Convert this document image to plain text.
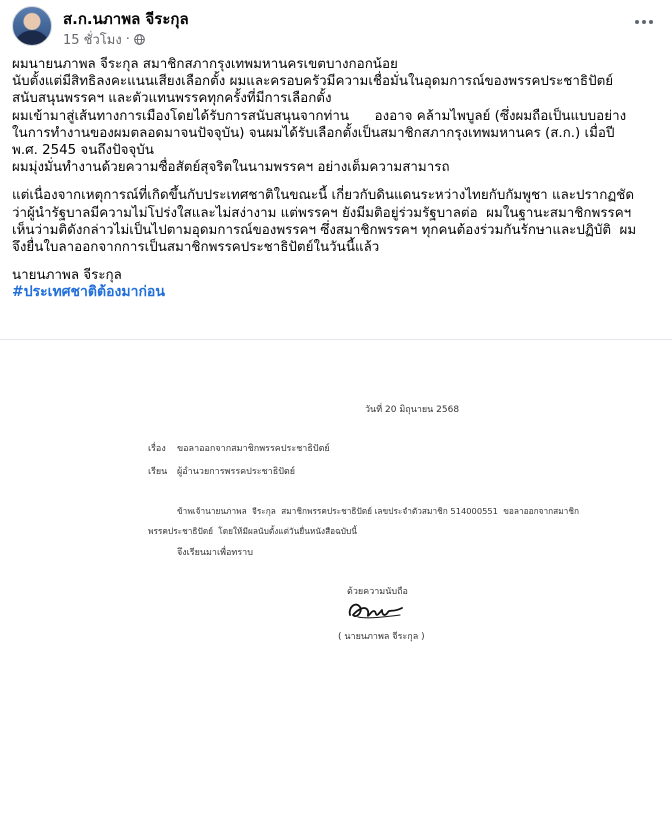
ส.ก.นภาพล จีระกุล
15 ชั่วโมง ·

ผมนายนภาพล จีระกุล สมาชิกสภากรุงเทพมหานครเขตบางกอกน้อย
นับตั้งแต่มีสิทธิลงคะแนนเสียงเลือกตั้ง ผมและครอบครัวมีความเชื่อมั่นในอุดมการณ์ของพรรคประชาธิปัตย์
สนับสนุนพรรคฯ และตัวแทนพรรคทุกครั้งที่มีการเลือกตั้ง
ผมเข้ามาสู่เส้นทางการเมืองโดยได้รับการสนับสนุนจากท่าน      องอาจ คล้ามไพบูลย์ (ซึ่งผมถือเป็นแบบอย่าง
ในการทำงานของผมตลอดมาจนปัจจุบัน) จนผมได้รับเลือกตั้งเป็นสมาชิกสภากรุงเทพมหานคร (ส.ก.) เมื่อปี
พ.ศ. 2545 จนถึงปัจจุบัน
ผมมุ่งมั่นทำงานด้วยความซื่อสัตย์สุจริตในนามพรรคฯ อย่างเต็มความสามารถ

แต่เนื่องจากเหตุการณ์ที่เกิดขึ้นกับประเทศชาติในขณะนี้ เกี่ยวกับดินแดนระหว่างไทยกับกัมพูชา และปรากฏชัด
ว่าผู้นำรัฐบาลมีความไม่โปร่งใสและไม่สง่างาม แต่พรรคฯ ยังมีมติอยู่ร่วมรัฐบาลต่อ  ผมในฐานะสมาชิกพรรคฯ
เห็นว่ามติดังกล่าวไม่เป็นไปตามอุดมการณ์ของพรรคฯ ซึ่งสมาชิกพรรคฯ ทุกคนต้องร่วมกันรักษาและปฏิบัติ  ผม
จึงยื่นใบลาออกจากการเป็นสมาชิกพรรคประชาธิปัตย์ในวันนี้แล้ว

นายนภาพล จีระกุล
#ประเทศชาติต้องมาก่อน

วันที่ 20 มิถุนายน 2568
เรื่อง ขอลาออกจากสมาชิกพรรคประชาธิปัตย์
เรียน ผู้อำนวยการพรรคประชาธิปัตย์
ข้าพเจ้านายนภาพล  จีระกุล  สมาชิกพรรคประชาธิปัตย์ เลขประจำตัวสมาชิก 514000551  ขอลาออกจากสมาชิก
พรรคประชาธิปัตย์  โดยให้มีผลนับตั้งแต่วันยื่นหนังสือฉบับนี้
จึงเรียนมาเพื่อทราบ
ด้วยความนับถือ
( นายนภาพล จีระกุล )
